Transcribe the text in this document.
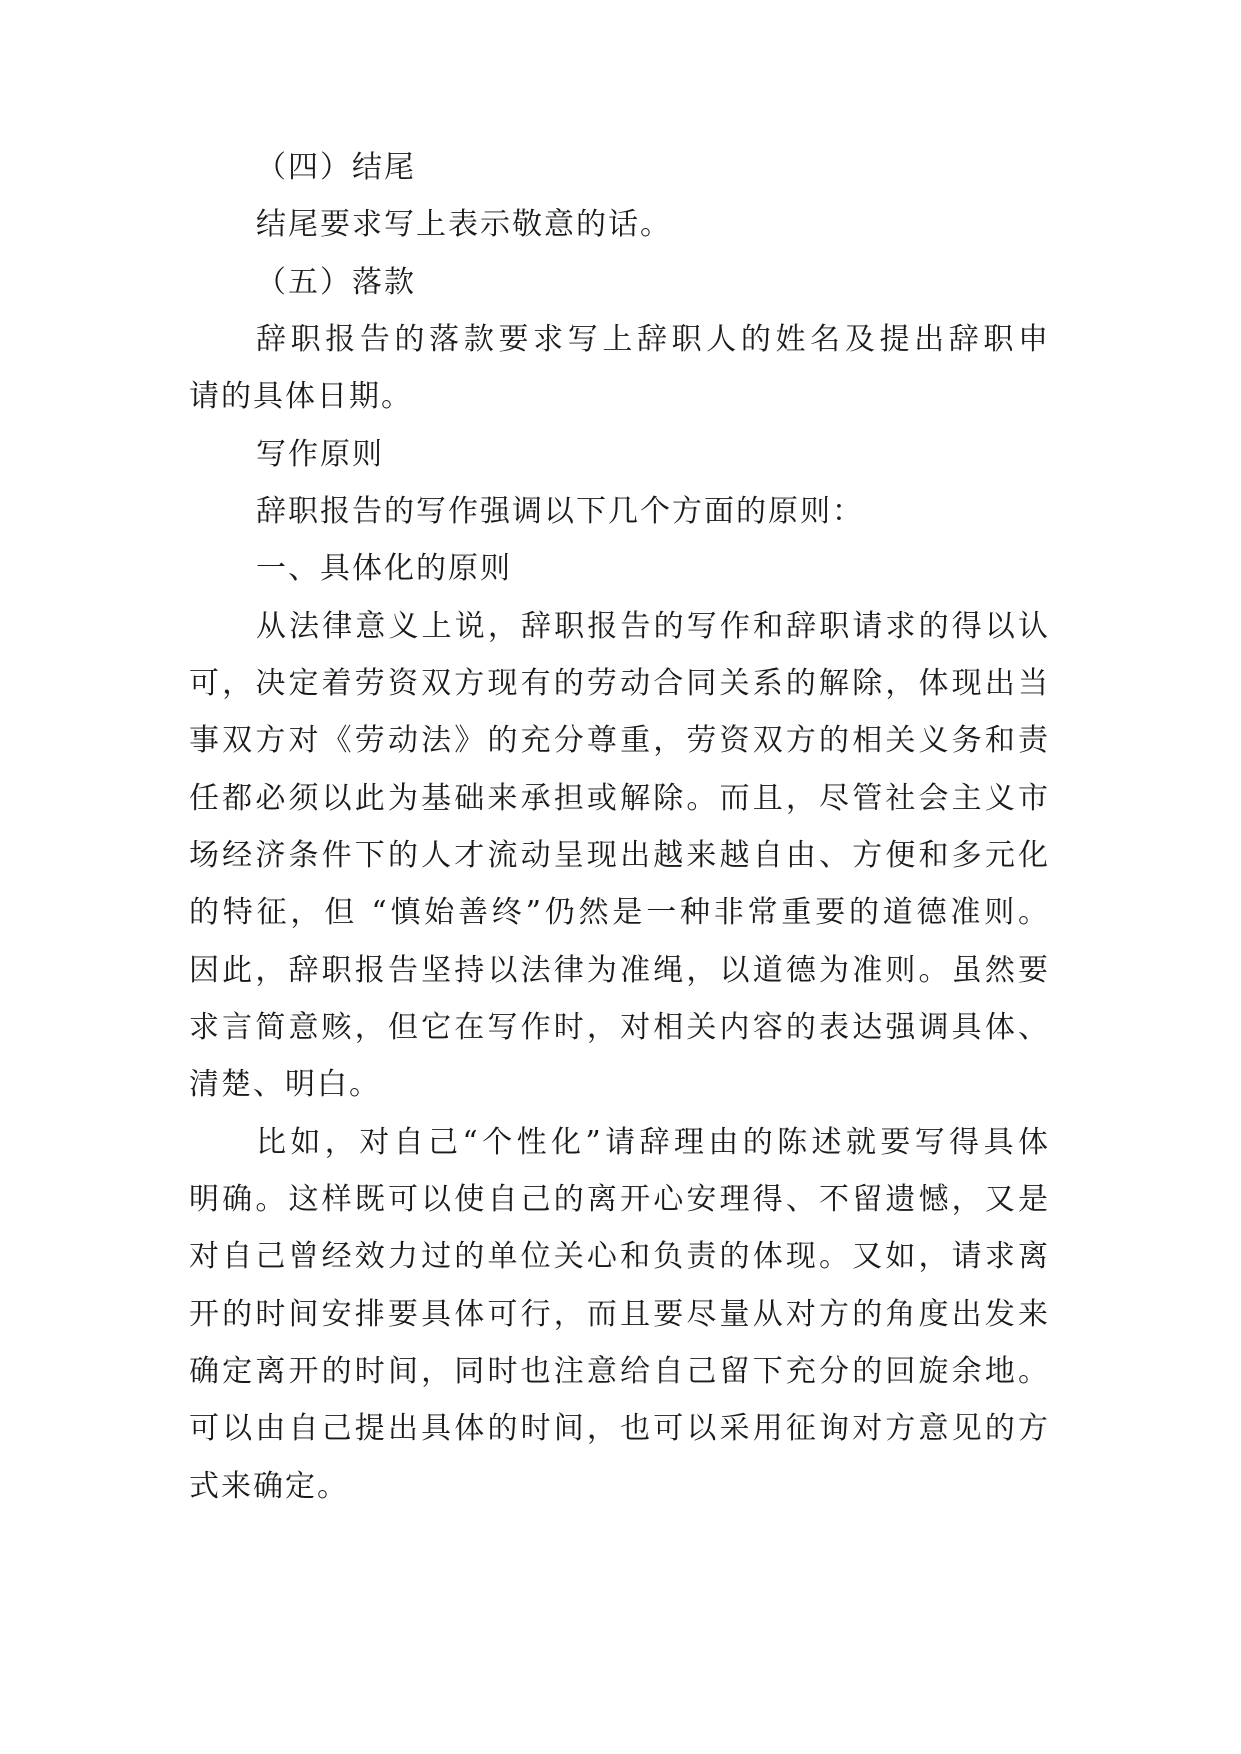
（四）结尾
结尾要求写上表示敬意的话。
（五）落款
辞职报告的落款要求写上辞职人的姓名及提出辞职申
请的具体日期。
写作原则
辞职报告的写作强调以下几个方面的原则：
一、具体化的原则
从法律意义上说，辞职报告的写作和辞职请求的得以认
可，决定着劳资双方现有的劳动合同关系的解除，体现出当
事双方对《劳动法》的充分尊重，劳资双方的相关义务和责
任都必须以此为基础来承担或解除。而且，尽管社会主义市
场经济条件下的人才流动呈现出越来越自由、方便和多元化
的特征，但 “慎始善终”仍然是一种非常重要的道德准则。
因此，辞职报告坚持以法律为准绳，以道德为准则。虽然要
求言简意赅，但它在写作时，对相关内容的表达强调具体、
清楚、明白。
比如，对自己“个性化”请辞理由的陈述就要写得具体
明确。这样既可以使自己的离开心安理得、不留遗憾，又是
对自己曾经效力过的单位关心和负责的体现。又如，请求离
开的时间安排要具体可行，而且要尽量从对方的角度出发来
确定离开的时间，同时也注意给自己留下充分的回旋余地。
可以由自己提出具体的时间，也可以采用征询对方意见的方
式来确定。
